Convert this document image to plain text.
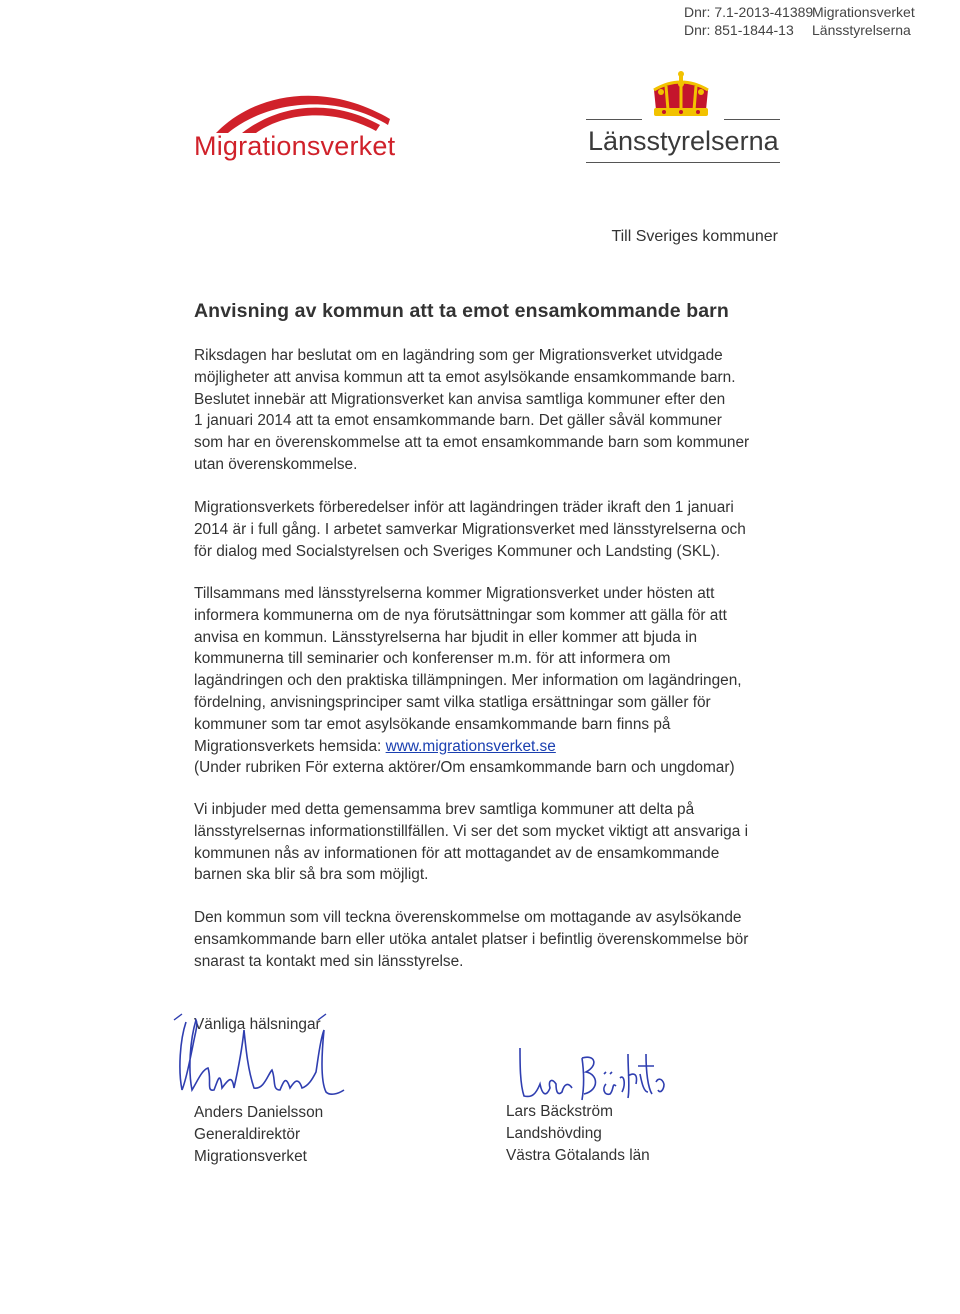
Dnr: 7.1-2013-41389Migrationsverket
Dnr: 851-1844-13 Länsstyrelserna
Migrationsverket	Länsstyrelserna
Till Sveriges kommuner
Anvisning av kommun att ta emot ensamkommande barn
Riksdagen har beslutat om en lagändring som ger Migrationsverket utvidgade
möjligheter att anvisa kommun att ta emot asylsökande ensamkommande barn.
Beslutet innebär att Migrationsverket kan anvisa samtliga kommuner efter den
1 januari 2014 att ta emot ensamkommande barn. Det gäller såväl kommuner
som har en överenskommelse att ta emot ensamkommande barn som kommuner
utan överenskommelse.
Migrationsverkets förberedelser inför att lagändringen träder ikraft den 1 januari
2014 är i full gång. I arbetet samverkar Migrationsverket med länsstyrelserna och
för dialog med Socialstyrelsen och Sveriges Kommuner och Landsting (SKL).
Tillsammans med länsstyrelserna kommer Migrationsverket under hösten att
informera kommunerna om de nya förutsättningar som kommer att gälla för att
anvisa en kommun. Länsstyrelserna har bjudit in eller kommer att bjuda in
kommunerna till seminarier och konferenser m.m. för att informera om
lagändringen och den praktiska tillämpningen. Mer information om lagändringen,
fördelning, anvisningsprinciper samt vilka statliga ersättningar som gäller för
kommuner som tar emot asylsökande ensamkommande barn finns på
Migrationsverkets hemsida: www.migrationsverket.se
(Under rubriken För externa aktörer/Om ensamkommande barn och ungdomar)
Vi inbjuder med detta gemensamma brev samtliga kommuner att delta på
länsstyrelsernas informationstillfällen. Vi ser det som mycket viktigt att ansvariga i
kommunen nås av informationen för att mottagandet av de ensamkommande
barnen ska blir så bra som möjligt.
Den kommun som vill teckna överenskommelse om mottagande av asylsökande
ensamkommande barn eller utöka antalet platser i befintlig överenskommelse bör
snarast ta kontakt med sin länsstyrelse.
Vänliga hälsningar
Anders Danielsson
Generaldirektör
Migrationsverket
Lars Bäckström
Landshövding
Västra Götalands län
